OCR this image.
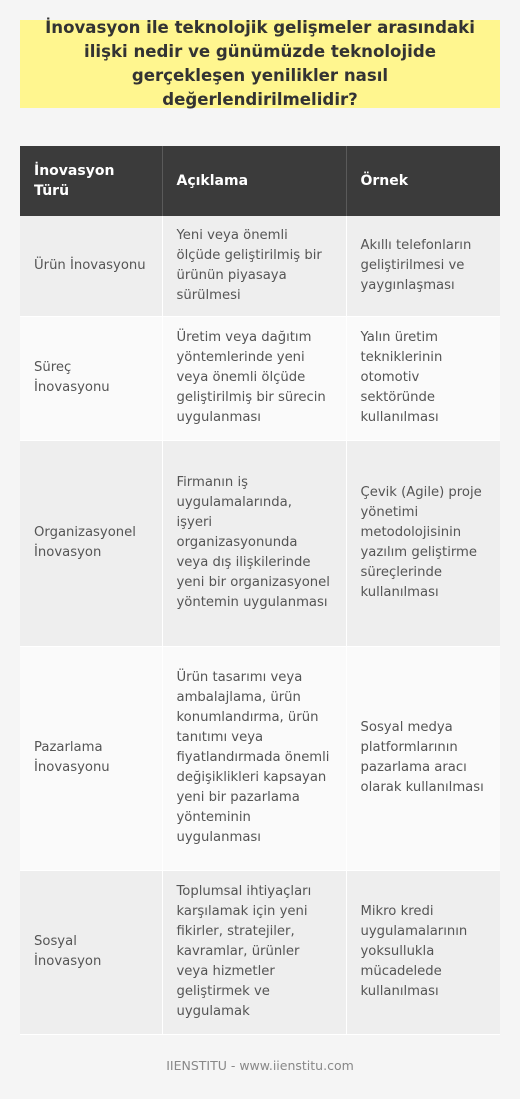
İnovasyon ile teknolojik gelişmeler arasındaki ilişki nedir ve günümüzde teknolojide gerçekleşen yenilikler nasıl değerlendirilmelidir?
İnovasyon Türü	Açıklama	Örnek
Ürün İnovasyonu	Yeni veya önemli ölçüde geliştirilmiş bir ürünün piyasaya sürülmesi	Akıllı telefonların geliştirilmesi ve yaygınlaşması
Süreç İnovasyonu	Üretim veya dağıtım yöntemlerinde yeni veya önemli ölçüde geliştirilmiş bir sürecin uygulanması	Yalın üretim tekniklerinin otomotiv sektöründe kullanılması
Organizasyonel İnovasyon	Firmanın iş uygulamalarında, işyeri organizasyonunda veya dış ilişkilerinde yeni bir organizasyonel yöntemin uygulanması	Çevik (Agile) proje yönetimi metodolojisinin yazılım geliştirme süreçlerinde kullanılması
Pazarlama İnovasyonu	Ürün tasarımı veya ambalajlama, ürün konumlandırma, ürün tanıtımı veya fiyatlandırmada önemli değişiklikleri kapsayan yeni bir pazarlama yönteminin uygulanması	Sosyal medya platformlarının pazarlama aracı olarak kullanılması
Sosyal İnovasyon	Toplumsal ihtiyaçları karşılamak için yeni fikirler, stratejiler, kavramlar, ürünler veya hizmetler geliştirmek ve uygulamak	Mikro kredi uygulamalarının yoksullukla mücadelede kullanılması
IIENSTITU - www.iienstitu.com
